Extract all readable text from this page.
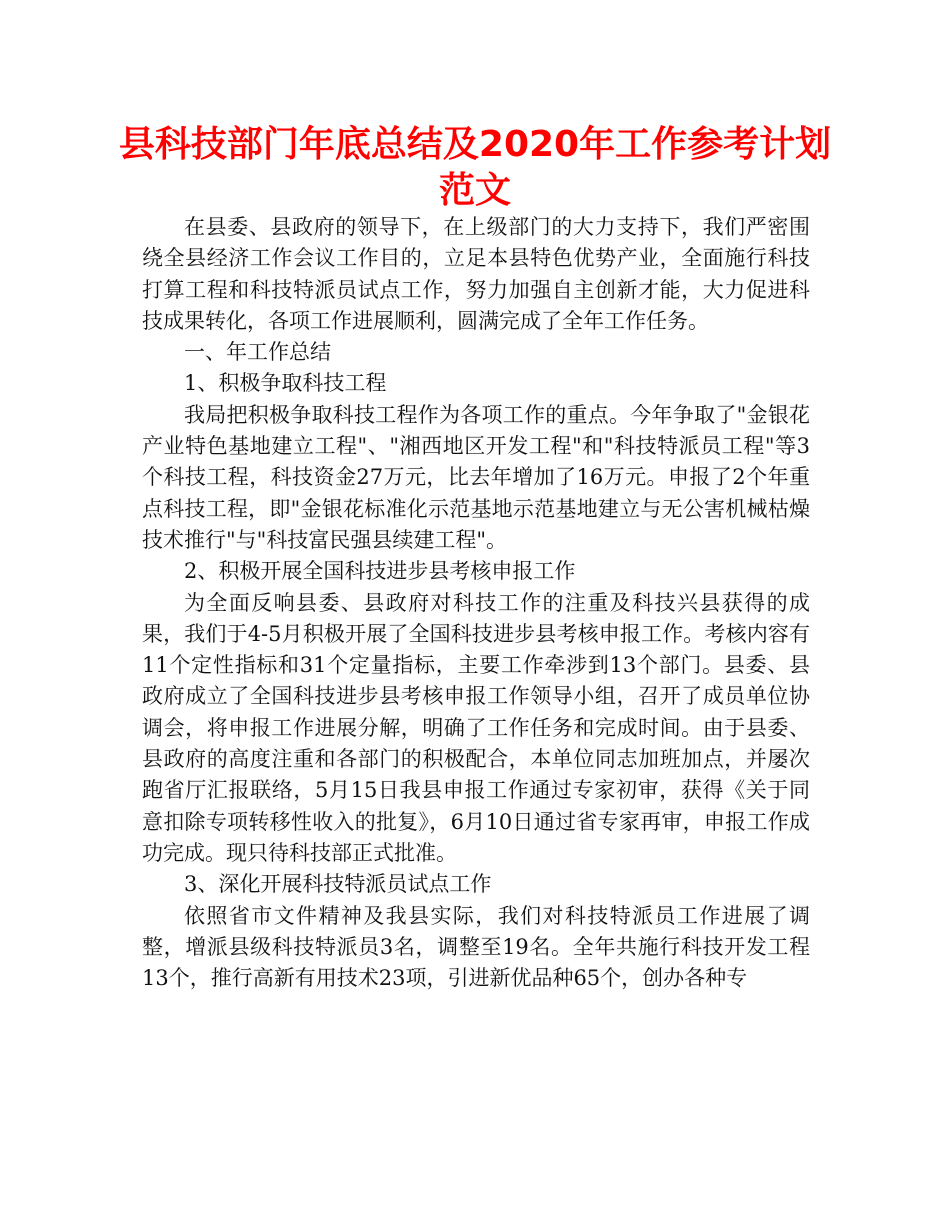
县科技部门年底总结及2020年工作参考计划范文

在县委、县政府的领导下，在上级部门的大力支持下，我们严密围绕全县经济工作会议工作目的，立足本县特色优势产业，全面施行科技打算工程和科技特派员试点工作，努力加强自主创新才能，大力促进科技成果转化，各项工作进展顺利，圆满完成了全年工作任务。

一、年工作总结

1、积极争取科技工程

我局把积极争取科技工程作为各项工作的重点。今年争取了"金银花产业特色基地建立工程"、"湘西地区开发工程"和"科技特派员工程"等3个科技工程，科技资金27万元，比去年增加了16万元。申报了2个年重点科技工程，即"金银花标准化示范基地示范基地建立与无公害机械枯燥技术推行"与"科技富民强县续建工程"。

2、积极开展全国科技进步县考核申报工作

为全面反响县委、县政府对科技工作的注重及科技兴县获得的成果，我们于4-5月积极开展了全国科技进步县考核申报工作。考核内容有11个定性指标和31个定量指标，主要工作牵涉到13个部门。县委、县政府成立了全国科技进步县考核申报工作领导小组，召开了成员单位协调会，将申报工作进展分解，明确了工作任务和完成时间。由于县委、县政府的高度注重和各部门的积极配合，本单位同志加班加点，并屡次跑省厅汇报联络，5月15日我县申报工作通过专家初审，获得《关于同意扣除专项转移性收入的批复》，6月10日通过省专家再审，申报工作成功完成。现只待科技部正式批准。

3、深化开展科技特派员试点工作

依照省市文件精神及我县实际，我们对科技特派员工作进展了调整，增派县级科技特派员3名，调整至19名。全年共施行科技开发工程13个，推行高新有用技术23项，引进新优品种65个，创办各种专
